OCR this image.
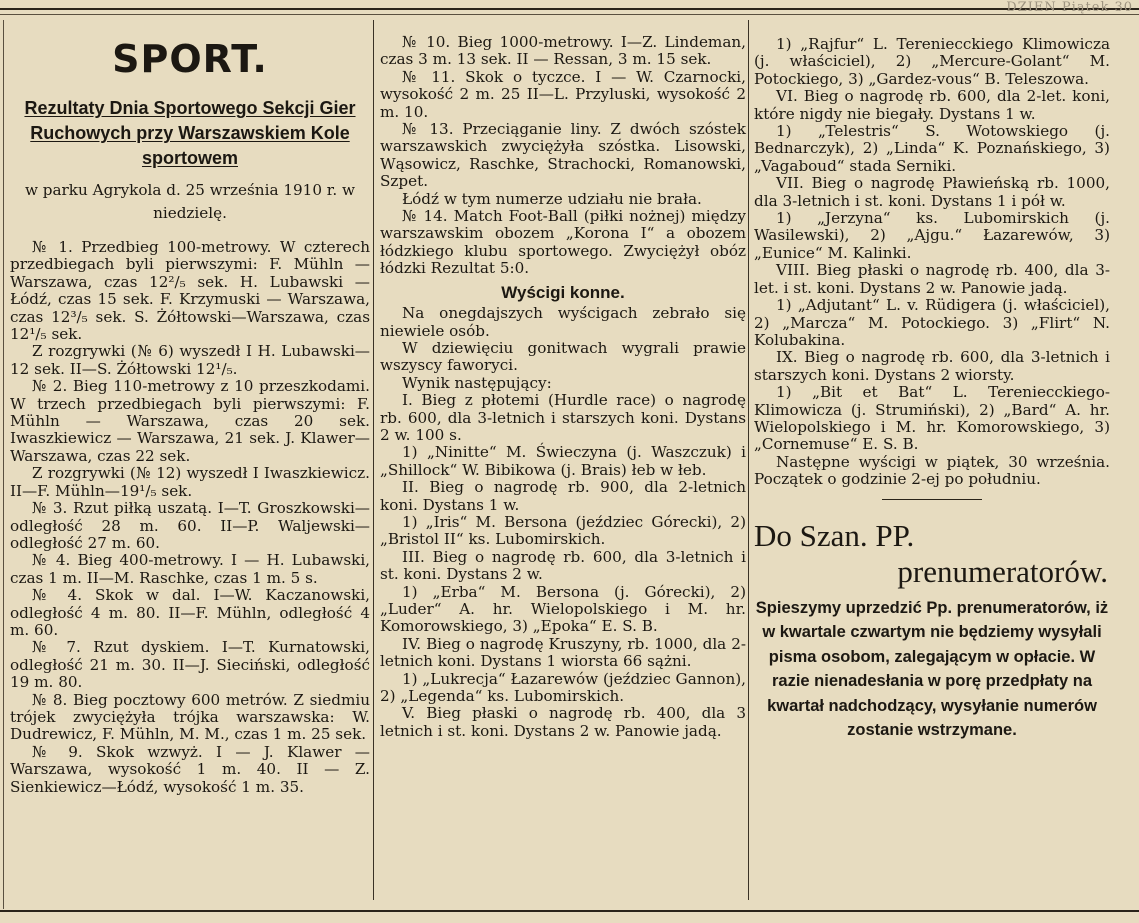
DZIEŃ Piątek 30
SPORT.
Rezultaty Dnia Sportowego Sekcji Gier Ruchowych przy Warszawskiem Kole sportowem
w parku Agrykola d. 25 września 1910 r. w niedzielę.

№ 1. Przedbieg 100-metrowy. W czterech przedbiegach byli pierwszymi: F. Mühln — Warszawa, czas 12²/₅ sek. H. Lubawski — Łódź, czas 15 sek. F. Krzymuski — Warszawa, czas 12³/₅ sek. S. Żółtowski—Warszawa, czas 12¹/₅ sek.

Z rozgrywki (№ 6) wyszedł I H. Lubawski—12 sek. II—S. Żółtowski 12¹/₅.

№ 2. Bieg 110-metrowy z 10 przeszkodami. W trzech przedbiegach byli pierwszymi: F. Mühln — Warszawa, czas 20 sek. Iwaszkiewicz — Warszawa, 21 sek. J. Klawer—Warszawa, czas 22 sek.

Z rozgrywki (№ 12) wyszedł I Iwaszkiewicz. II—F. Mühln—19¹/₅ sek.

№ 3. Rzut piłką uszatą. I—T. Groszkowski—odległość 28 m. 60. II—P. Waljewski—odległość 27 m. 60.

№ 4. Bieg 400-metrowy. I — H. Lubawski, czas 1 m. II—M. Raschke, czas 1 m. 5 s.

№ 4. Skok w dal. I—W. Kaczanowski, odległość 4 m. 80. II—F. Mühln, odległość 4 m. 60.

№ 7. Rzut dyskiem. I—T. Kurnatowski, odległość 21 m. 30. II—J. Sieciński, odległość 19 m. 80.

№ 8. Bieg pocztowy 600 metrów. Z siedmiu trójek zwyciężyła trójka warszawska: W. Dudrewicz, F. Mühln, M. M., czas 1 m. 25 sek.

№ 9. Skok wzwyż. I — J. Klawer — Warszawa, wysokość 1 m. 40. II — Z. Sienkiewicz—Łódź, wysokość 1 m. 35.

№ 10. Bieg 1000-metrowy. I—Z. Lindeman, czas 3 m. 13 sek. II — Ressan, 3 m. 15 sek.

№ 11. Skok o tyczce. I — W. Czarnocki, wysokość 2 m. 25 II—L. Przyluski, wysokość 2 m. 10.

№ 13. Przeciąganie liny. Z dwóch szóstek warszawskich zwyciężyła szóstka. Lisowski, Wąsowicz, Raschke, Strachocki, Romanowski, Szpet.

Łódź w tym numerze udziału nie brała.

№ 14. Match Foot-Ball (piłki nożnej) między warszawskim obozem „Korona I“ a obozem łódzkiego klubu sportowego. Zwyciężył obóz łódzki Rezultat 5:0.

Wyścigi konne.

Na onegdajszych wyścigach zebrało się niewiele osób.

W dziewięciu gonitwach wygrali prawie wszyscy faworyci.

Wynik następujący:

I. Bieg z płotemi (Hurdle race) o nagrodę rb. 600, dla 3-letnich i starszych koni. Dystans 2 w. 100 s.

1) „Ninitte“ M. Świeczyna (j. Waszczuk) i „Shillock“ W. Bibikowa (j. Brais) łeb w łeb.

II. Bieg o nagrodę rb. 900, dla 2-letnich koni. Dystans 1 w.

1) „Iris“ M. Bersona (jeździec Górecki), 2) „Bristol II“ ks. Lubomirskich.

III. Bieg o nagrodę rb. 600, dla 3-letnich i st. koni. Dystans 2 w.

1) „Erba“ M. Bersona (j. Górecki), 2) „Luder“ A. hr. Wielopolskiego i M. hr. Komorowskiego, 3) „Epoka“ E. S. B.

IV. Bieg o nagrodę Kruszyny, rb. 1000, dla 2-letnich koni. Dystans 1 wiorsta 66 sążni.

1) „Lukrecja“ Łazarewów (jeździec Gannon), 2) „Legenda“ ks. Lubomirskich.

V. Bieg płaski o nagrodę rb. 400, dla 3 letnich i st. koni. Dystans 2 w. Panowie jadą.

1) „Rajfur“ L. Tereniecckiego Klimowicza (j. właściciel), 2) „Mercure-Golant“ M. Potockiego, 3) „Gardez-vous“ B. Teleszowa.

VI. Bieg o nagrodę rb. 600, dla 2-let. koni, które nigdy nie biegały. Dystans 1 w.

1) „Telestris“ S. Wotowskiego (j. Bednarczyk), 2) „Linda“ K. Poznańskiego, 3) „Vagaboud“ stada Serniki.

VII. Bieg o nagrodę Pławieńską rb. 1000, dla 3-letnich i st. koni. Dystans 1 i pół w.

1) „Jerzyna“ ks. Lubomirskich (j. Wasilewski), 2) „Ajgu.“ Łazarewów, 3) „Eunice“ M. Kalinki.

VIII. Bieg płaski o nagrodę rb. 400, dla 3-let. i st. koni. Dystans 2 w. Panowie jadą.

1) „Adjutant“ L. v. Rüdigera (j. właściciel), 2) „Marcza“ M. Potockiego. 3) „Flirt“ N. Kolubakina.

IX. Bieg o nagrodę rb. 600, dla 3-letnich i starszych koni. Dystans 2 wiorsty.

1) „Bit et Bat“ L. Tereniecckiego-Klimowicza (j. Strumiński), 2) „Bard“ A. hr. Wielopolskiego i M. hr. Komorowskiego, 3) „Cornemuse“ E. S. B.

Następne wyścigi w piątek, 30 września. Początek o godzinie 2-ej po południu.

Do Szan. PP.
prenumeratorów.
Spieszymy uprzedzić Pp. prenumeratorów, iż w kwartale czwartym nie będziemy wysyłali pisma osobom, zalegającym w opłacie. W razie nienadesłania w porę przedpłaty na kwartał nadchodzący, wysyłanie numerów zostanie wstrzymane.
